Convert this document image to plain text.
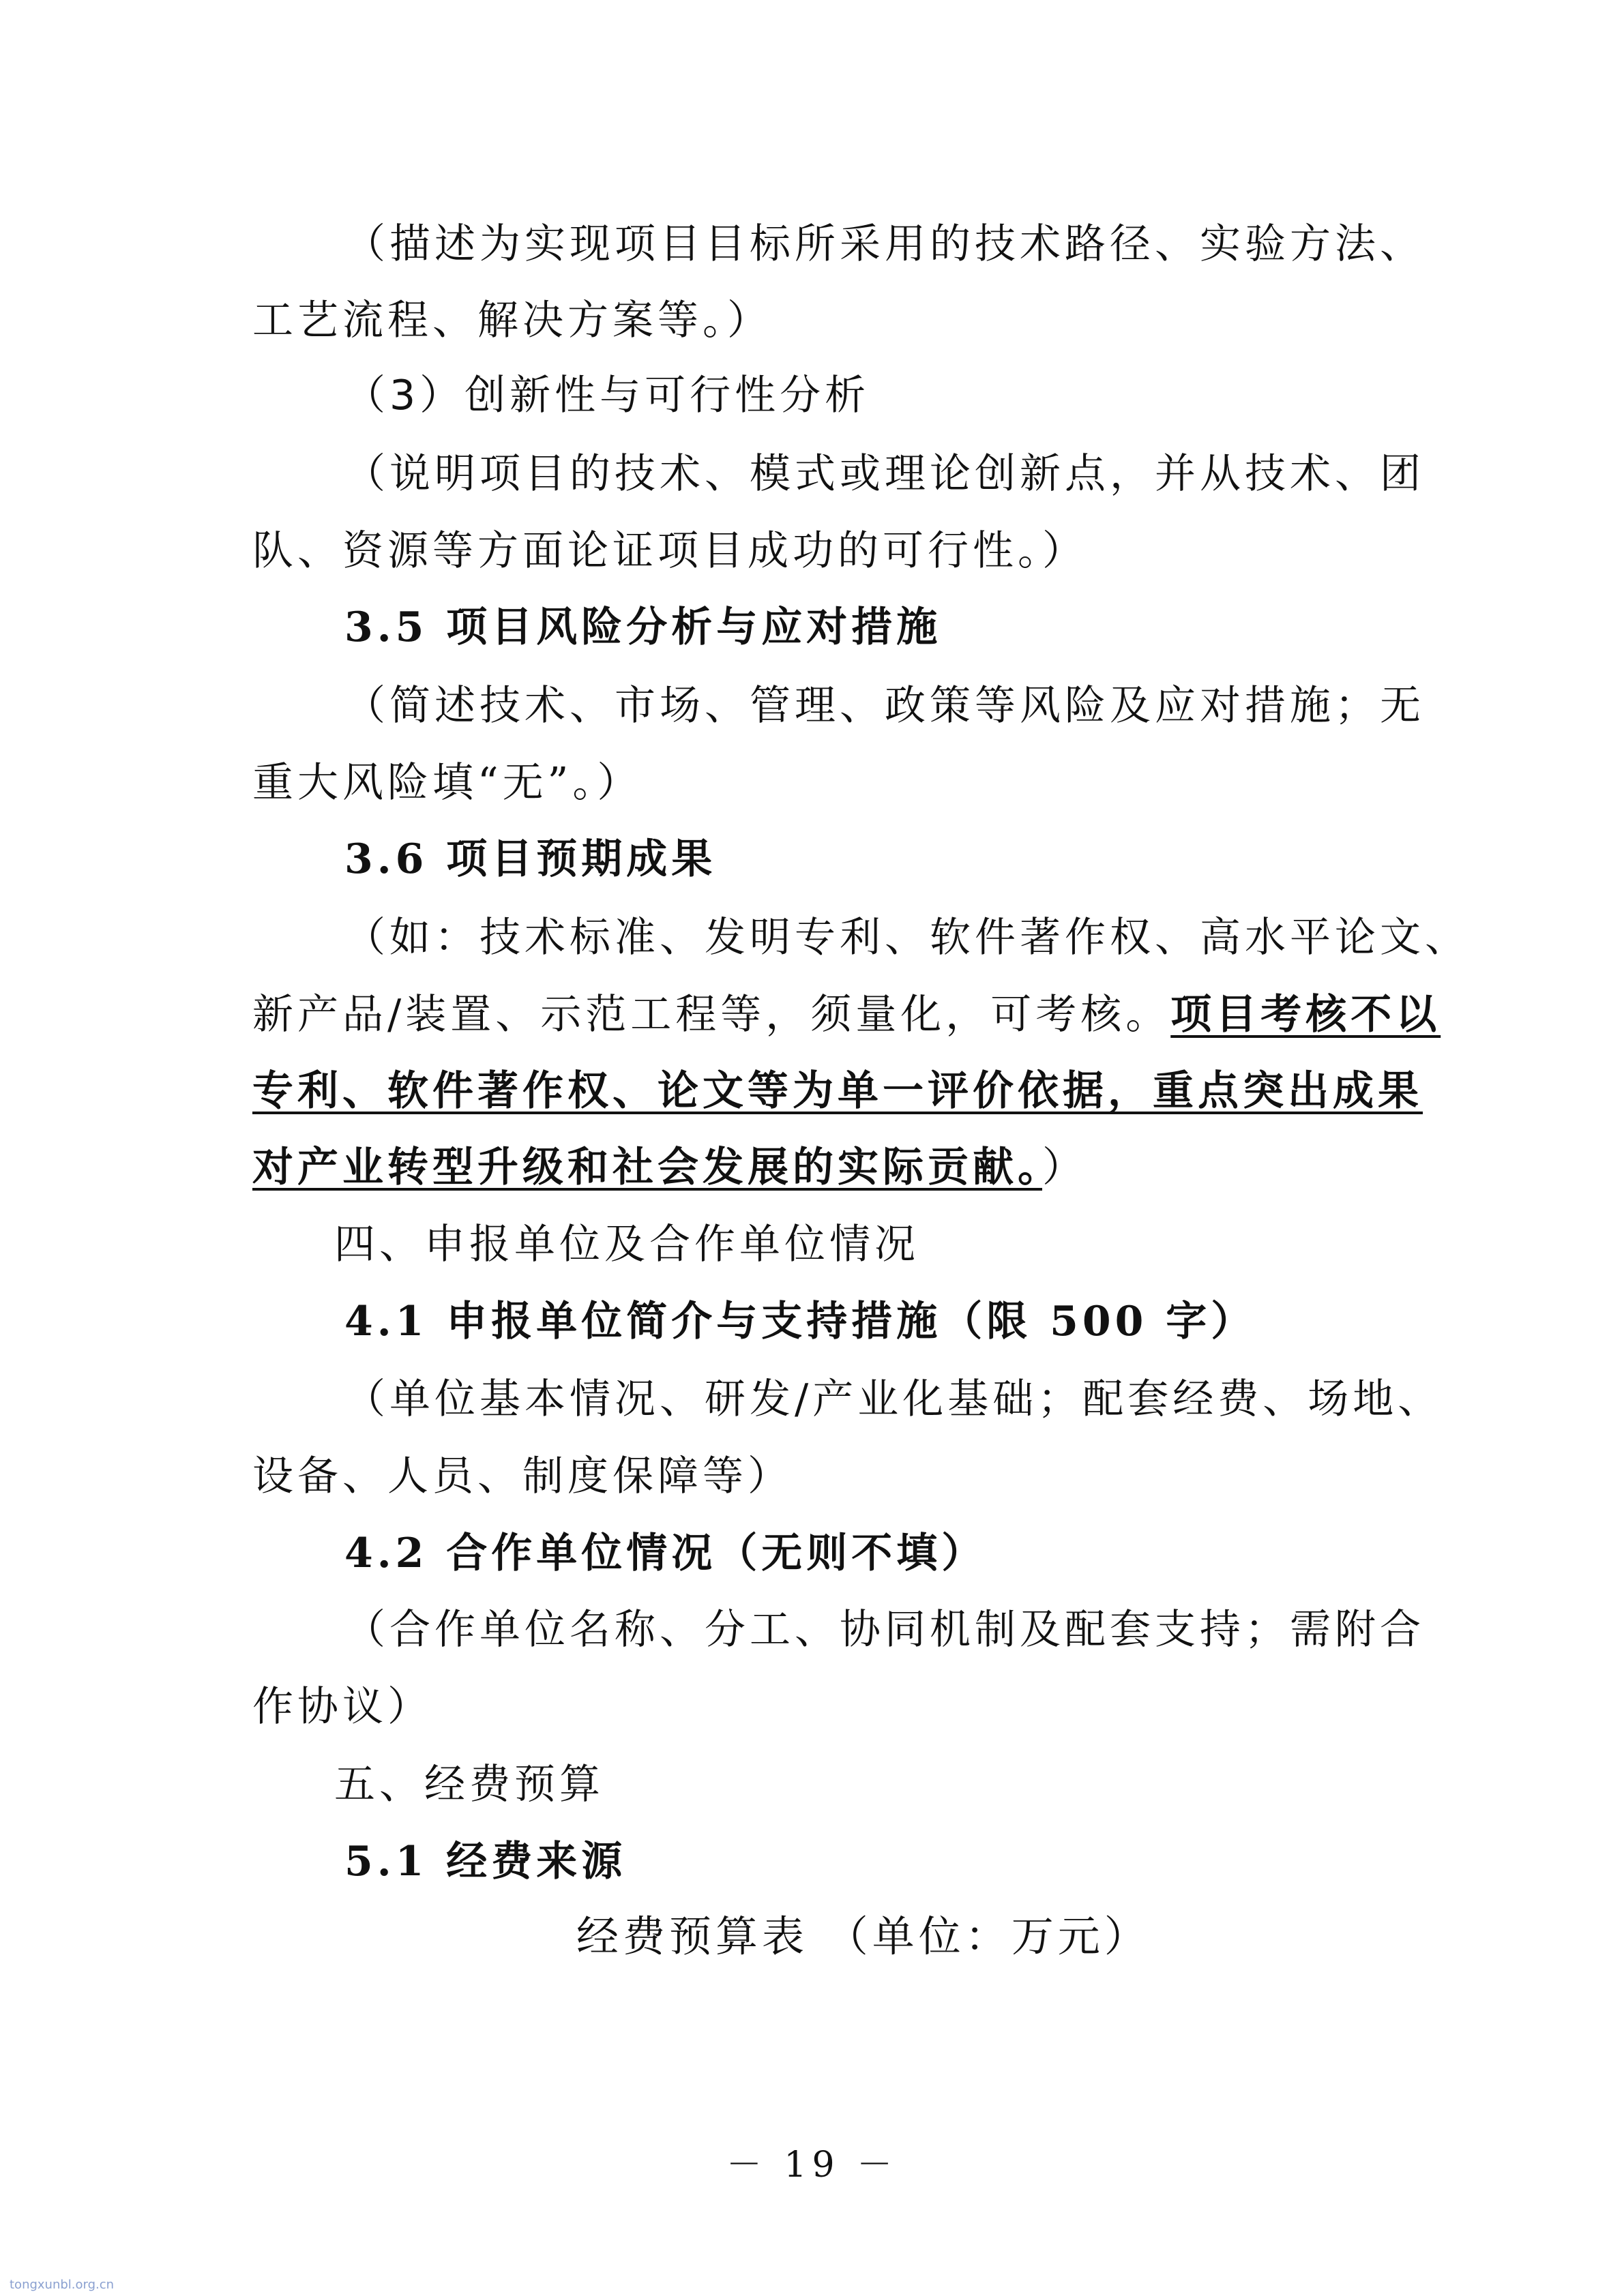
（描述为实现项目目标所采用的技术路径、实验方法、
工艺流程、解决方案等。）
（3）创新性与可行性分析
（说明项目的技术、模式或理论创新点，并从技术、团
队、资源等方面论证项目成功的可行性。）
3.5 项目风险分析与应对措施
（简述技术、市场、管理、政策等风险及应对措施；无
重大风险填“无”。）
3.6 项目预期成果
（如：技术标准、发明专利、软件著作权、高水平论文、
新产品/装置、示范工程等，须量化，可考核。项目考核不以
专利、软件著作权、论文等为单一评价依据，重点突出成果
对产业转型升级和社会发展的实际贡献。）
四、申报单位及合作单位情况
4.1 申报单位简介与支持措施（限 500 字）
（单位基本情况、研发/产业化基础；配套经费、场地、
设备、人员、制度保障等）
4.2 合作单位情况（无则不填）
（合作单位名称、分工、协同机制及配套支持；需附合
作协议）
五、经费预算
5.1 经费来源
经费预算表 （单位：万元）
－ 19 －
tongxunbl.org.cn
